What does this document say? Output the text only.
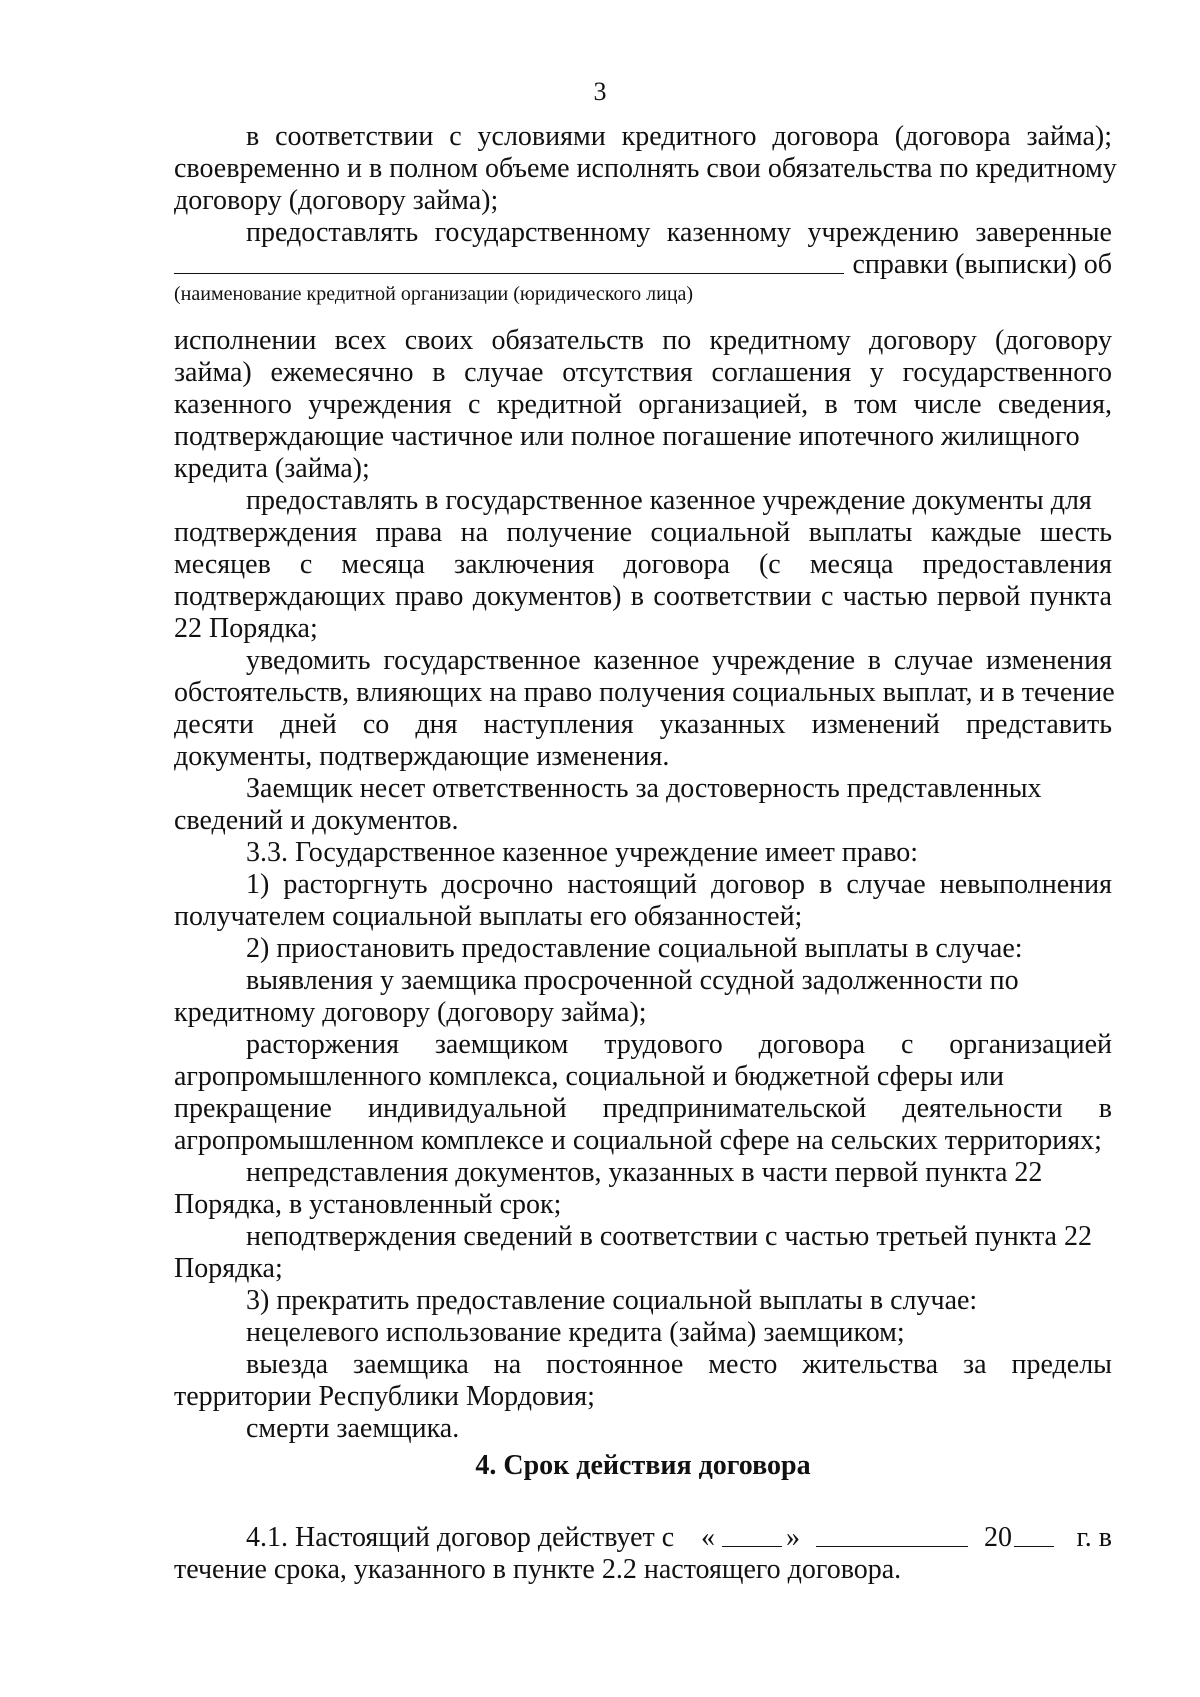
3
в соответствии с условиями кредитного договора (договора займа);
своевременно и в полном объеме исполнять свои обязательства по кредитному
договору (договору займа);
предоставлять государственному казенному учреждению заверенные
справки (выписки) об
(наименование кредитной организации (юридического лица)
исполнении всех своих обязательств по кредитному договору (договору
займа) ежемесячно в случае отсутствия соглашения у государственного
казенного учреждения с кредитной организацией, в том числе сведения,
подтверждающие частичное или полное погашение ипотечного жилищного
кредита (займа);
предоставлять в государственное казенное учреждение документы для
подтверждения права на получение социальной выплаты каждые шесть
месяцев с месяца заключения договора (с месяца предоставления
подтверждающих право документов) в соответствии с частью первой пункта
22 Порядка;
уведомить государственное казенное учреждение в случае изменения
обстоятельств, влияющих на право получения социальных выплат, и в течение
десяти дней со дня наступления указанных изменений представить
документы, подтверждающие изменения.
Заемщик несет ответственность за достоверность представленных
сведений и документов.
3.3. Государственное казенное учреждение имеет право:
1) расторгнуть досрочно настоящий договор в случае невыполнения
получателем социальной выплаты его обязанностей;
2) приостановить предоставление социальной выплаты в случае:
выявления у заемщика просроченной ссудной задолженности по
кредитному договору (договору займа);
расторжения заемщиком трудового договора с организацией
агропромышленного комплекса, социальной и бюджетной сферы или
прекращение индивидуальной предпринимательской деятельности в
агропромышленном комплексе и социальной сфере на сельских территориях;
непредставления документов, указанных в части первой пункта 22
Порядка, в установленный срок;
неподтверждения сведений в соответствии с частью третьей пункта 22
Порядка;
3) прекратить предоставление социальной выплаты в случае:
нецелевого использование кредита (займа) заемщиком;
выезда заемщика на постоянное место жительства за пределы
территории Республики Мордовия;
смерти заемщика.
4. Срок действия договора
4.1. Настоящий договор действует с «	»	20 г. в
течение срока, указанного в пункте 2.2 настоящего договора.
